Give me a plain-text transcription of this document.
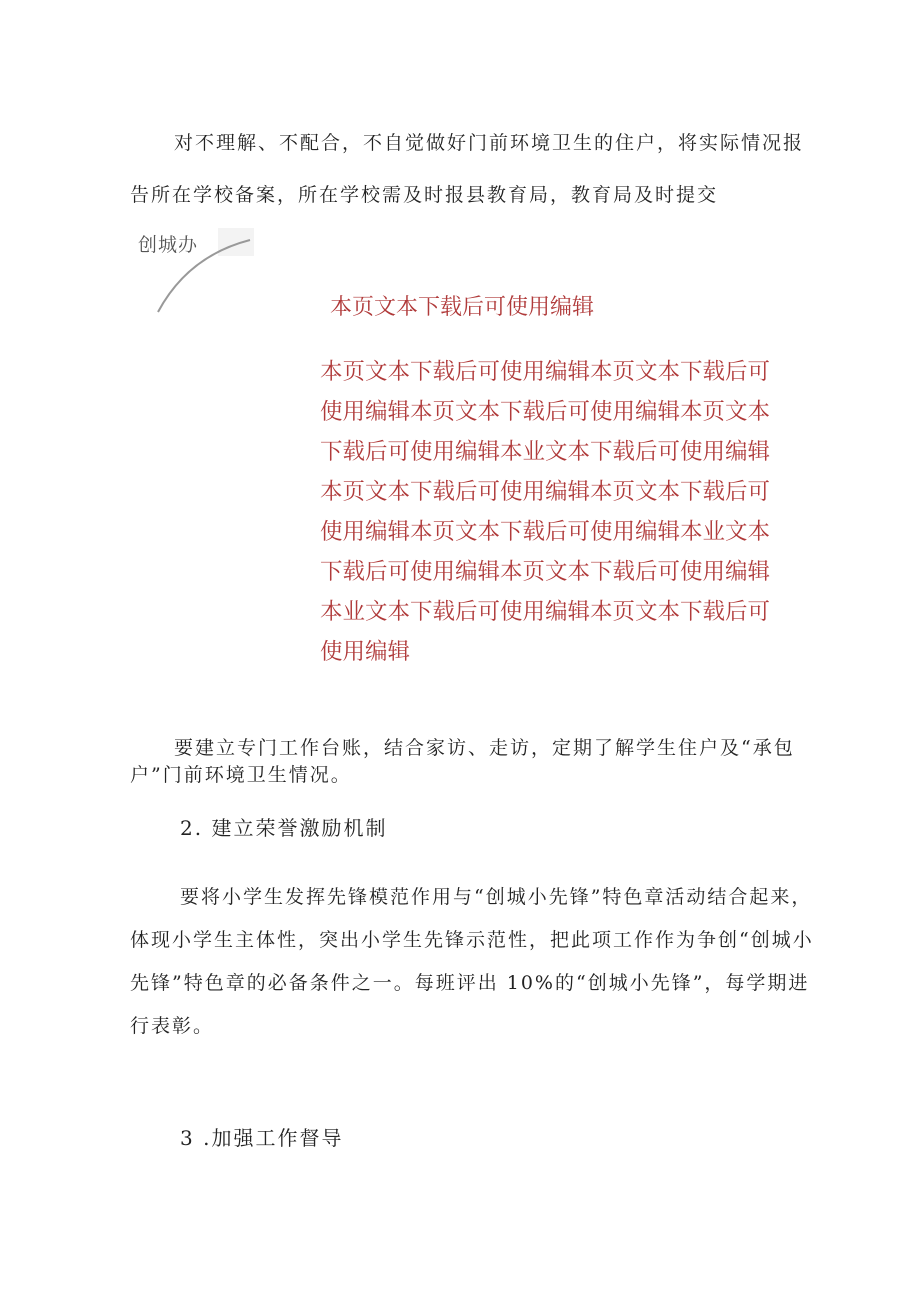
对不理解、不配合，不自觉做好门前环境卫生的住户，将实际情况报
告所在学校备案，所在学校需及时报县教育局，教育局及时提交
创城办
本页文本下载后可使用编辑
本页文本下载后可使用编辑本页文本下载后可
使用编辑本页文本下载后可使用编辑本页文本
下载后可使用编辑本业文本下载后可使用编辑
本页文本下载后可使用编辑本页文本下载后可
使用编辑本页文本下载后可使用编辑本业文本
下载后可使用编辑本页文本下载后可使用编辑
本业文本下载后可使用编辑本页文本下载后可
使用编辑
要建立专门工作台账，结合家访、走访，定期了解学生住户及“承包
户”门前环境卫生情况。
2. 建立荣誉激励机制
要将小学生发挥先锋模范作用与“创城小先锋”特色章活动结合起来，
体现小学生主体性，突出小学生先锋示范性，把此项工作作为争创“创城小
先锋”特色章的必备条件之一。每班评出 10%的“创城小先锋”，每学期进
行表彰。
3 .加强工作督导
